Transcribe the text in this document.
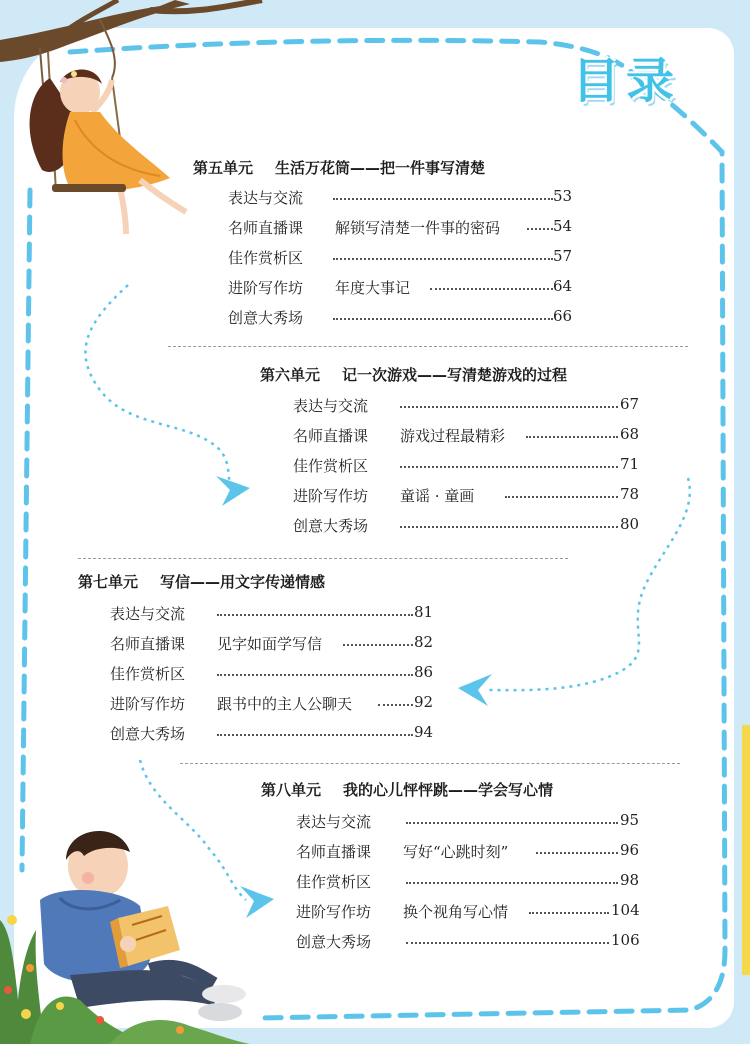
目录
第五单元 生活万花筒——把一件事写清楚
表达与交流	53
名师直播课 解锁写清楚一件事的密码	54
佳作赏析区	57
进阶写作坊 年度大事记	64
创意大秀场	66
第六单元 记一次游戏——写清楚游戏的过程
表达与交流	67
名师直播课 游戏过程最精彩	68
佳作赏析区	71
进阶写作坊 童谣 · 童画	78
创意大秀场	80
第七单元 写信——用文字传递情感
表达与交流	81
名师直播课 见字如面学写信	82
佳作赏析区	86
进阶写作坊 跟书中的主人公聊天	92
创意大秀场	94
第八单元 我的心儿怦怦跳——学会写心情
表达与交流	95
名师直播课 写好“心跳时刻”	96
佳作赏析区	98
进阶写作坊 换个视角写心情	104
创意大秀场	106
